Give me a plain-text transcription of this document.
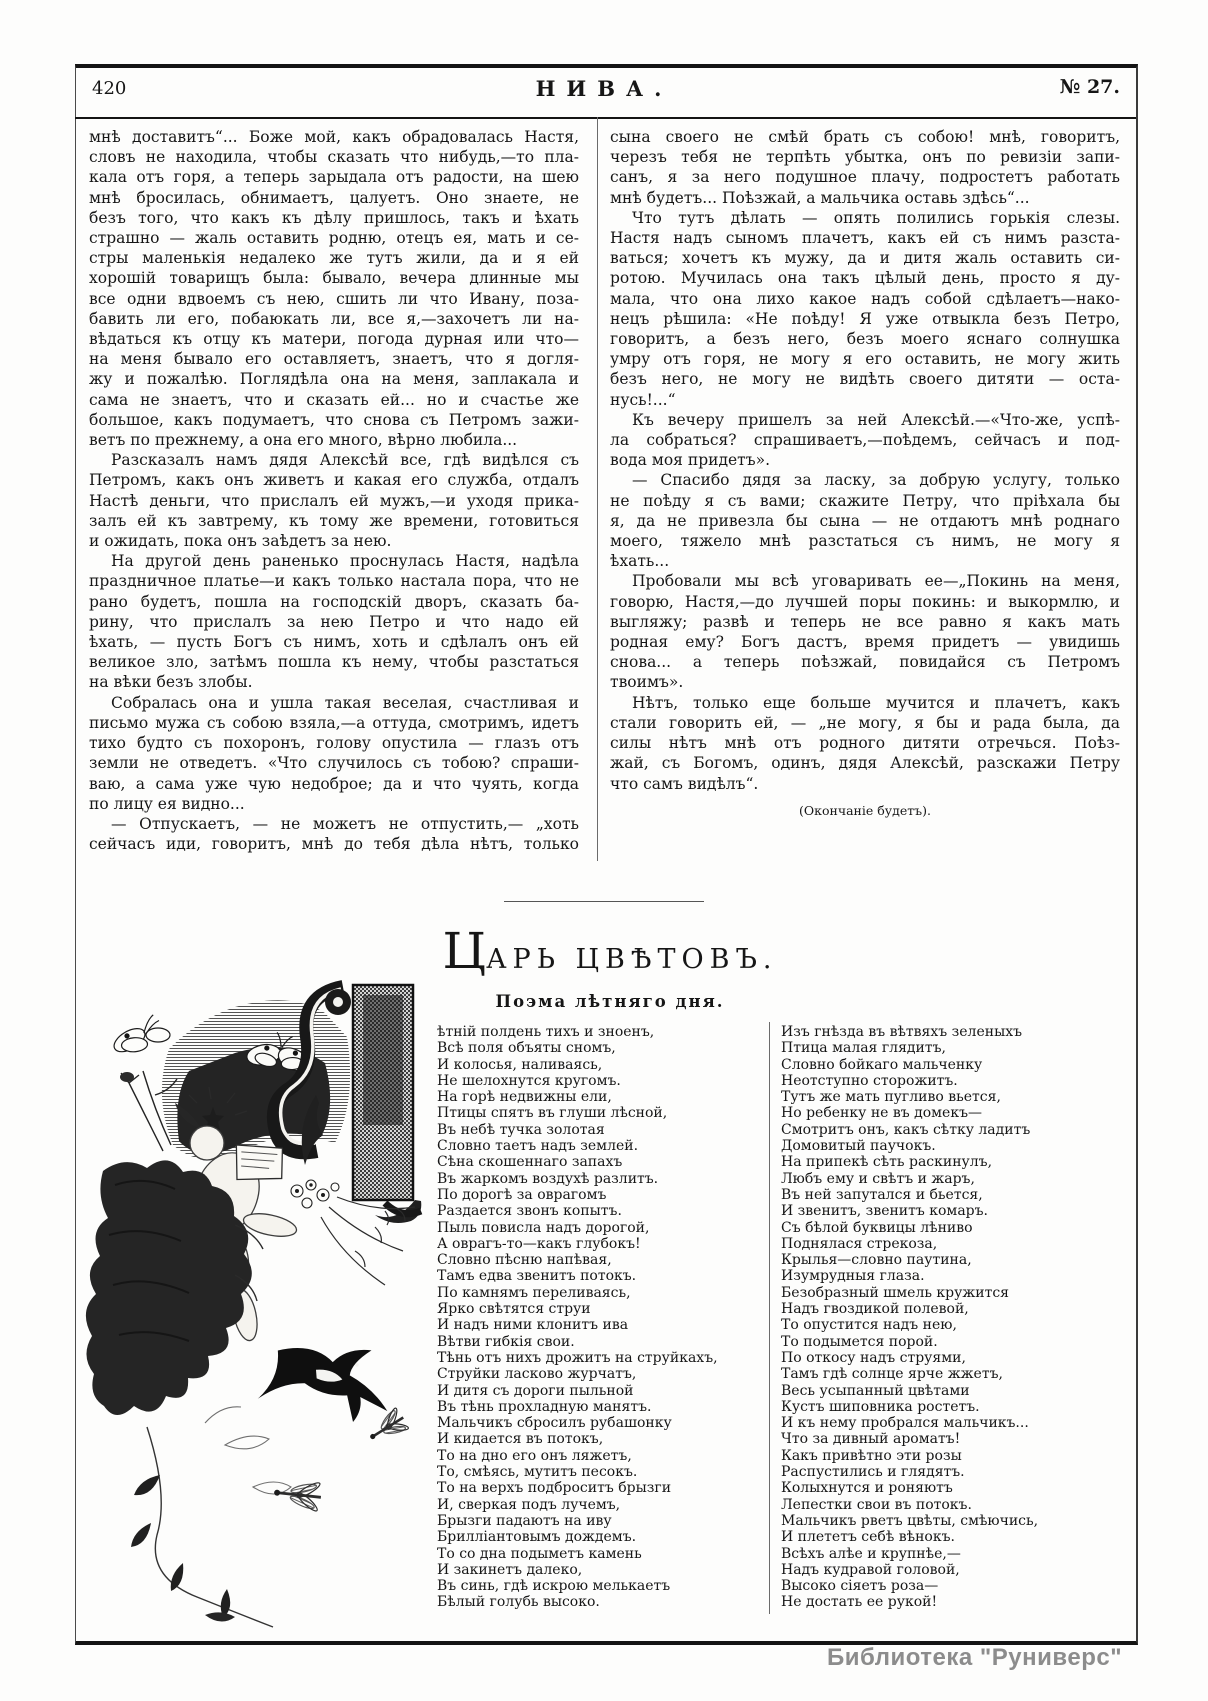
420	НИВА.	№ 27.
мнѣ доставитъ“... Боже мой, какъ обрадовалась Настя,
словъ не находила, чтобы сказать что нибудь,—то пла-
кала отъ горя, а теперь зарыдала отъ радости, на шею
мнѣ бросилась, обнимаетъ, цалуетъ. Оно знаете, не
безъ того, что какъ къ дѣлу пришлось, такъ и ѣхать
страшно — жаль оставить родню, отецъ ея, мать и се-
стры маленькія недалеко же тутъ жили, да и я ей
хорошій товарищъ была: бывало, вечера длинные мы
все одни вдвоемъ съ нею, сшить ли что Ивану, поза-
бавить ли его, побаюкать ли, все я,—захочетъ ли на-
вѣдаться къ отцу къ матери, погода дурная или что—
на меня бывало его оставляетъ, знаетъ, что я догля-
жу и пожалѣю. Поглядѣла она на меня, заплакала и
сама не знаетъ, что и сказать ей... но и счастье же
большое, какъ подумаетъ, что снова съ Петромъ зажи-
ветъ по прежнему, а она его много, вѣрно любила...
Разсказалъ намъ дядя Алексѣй все, гдѣ видѣлся съ
Петромъ, какъ онъ живетъ и какая его служба, отдалъ
Настѣ деньги, что прислалъ ей мужъ,—и уходя прика-
залъ ей къ завтрему, къ тому же времени, готовиться
и ожидать, пока онъ заѣдетъ за нею.
На другой день раненько проснулась Настя, надѣла
праздничное платье—и какъ только настала пора, что не
рано будетъ, пошла на господскій дворъ, сказать ба-
рину, что прислалъ за нею Петро и что надо ей
ѣхать, — пусть Богъ съ нимъ, хоть и сдѣлалъ онъ ей
великое зло, затѣмъ пошла къ нему, чтобы разстаться
на вѣки безъ злобы.
Собралась она и ушла такая веселая, счастливая и
письмо мужа съ собою взяла,—а оттуда, смотримъ, идетъ
тихо будто съ похоронъ, голову опустила — глазъ отъ
земли не отведетъ. «Что случилось съ тобою? спраши-
ваю, а сама уже чую недоброе; да и что чуять, когда
по лицу ея видно...
— Отпускаетъ, — не можетъ не отпустить,— „хоть
сейчасъ иди, говоритъ, мнѣ до тебя дѣла нѣтъ, только
сына своего не смѣй брать съ собою! мнѣ, говоритъ,
черезъ тебя не терпѣть убытка, онъ по ревизіи запи-
санъ, я за него подушное плачу, подростетъ работать
мнѣ будетъ... Поѣзжай, а мальчика оставь здѣсь“...
Что тутъ дѣлать — опять полились горькія слезы.
Настя надъ сыномъ плачетъ, какъ ей съ нимъ разста-
ваться; хочетъ къ мужу, да и дитя жаль оставить си-
ротою. Мучилась она такъ цѣлый день, просто я ду-
мала, что она лихо какое надъ собой сдѣлаетъ—нако-
нецъ рѣшила: «Не поѣду! Я уже отвыкла безъ Петро,
говоритъ, а безъ него, безъ моего яснаго солнушка
умру отъ горя, не могу я его оставить, не могу жить
безъ него, не могу не видѣть своего дитяти — оста-
нусь!...“
Къ вечеру пришелъ за ней Алексѣй.—«Что-же, успѣ-
ла собраться? спрашиваетъ,—поѣдемъ, сейчасъ и под-
вода моя придетъ».
— Спасибо дядя за ласку, за добрую услугу, только
не поѣду я съ вами; скажите Петру, что пріѣхала бы
я, да не привезла бы сына — не отдаютъ мнѣ роднаго
моего, тяжело мнѣ разстаться съ нимъ, не могу я
ѣхать...
Пробовали мы всѣ уговаривать ее—„Покинь на меня,
говорю, Настя,—до лучшей поры покинь: и выкормлю, и
выгляжу; развѣ и теперь не все равно я какъ мать
родная ему? Богъ дастъ, время придетъ — увидишь
снова... а теперь поѣзжай, повидайся съ Петромъ
твоимъ».
Нѣтъ, только еще больше мучится и плачетъ, какъ
стали говорить ей, — „не могу, я бы и рада была, да
силы нѣтъ мнѣ отъ родного дитяти отречься. Поѣз-
жай, съ Богомъ, одинъ, дядя Алексѣй, разскажи Петру
что самъ видѣлъ“.
(Окончаніе будетъ).
ЦАРЬ ЦВѢТОВЪ.
Поэма лѣтняго дня.
ѣтній полдень тихъ и зноенъ,
Всѣ поля объяты сномъ,
И колосья, наливаясь,
Не шелохнутся кругомъ.
На горѣ недвижны ели,
Птицы спятъ въ глуши лѣсной,
Въ небѣ тучка золотая
Словно таетъ надъ землей.
Сѣна скошеннаго запахъ
Въ жаркомъ воздухѣ разлитъ.
По дорогѣ за оврагомъ
Раздается звонъ копытъ.
Пыль повисла надъ дорогой,
А оврагъ-то—какъ глубокъ!
Словно пѣсню напѣвая,
Тамъ едва звенитъ потокъ.
По камнямъ переливаясь,
Ярко свѣтятся струи
И надъ ними клонитъ ива
Вѣтви гибкія свои.
Тѣнь отъ нихъ дрожитъ на струйкахъ,
Струйки ласково журчатъ,
И дитя съ дороги пыльной
Въ тѣнь прохладную манятъ.
Мальчикъ сбросилъ рубашонку
И кидается въ потокъ,
То на дно его онъ ляжетъ,
То, смѣясь, мутитъ песокъ.
То на верхъ подброситъ брызги
И, сверкая подъ лучемъ,
Брызги падаютъ на иву
Брилліантовымъ дождемъ.
То со дна подыметъ камень
И закинетъ далеко,
Въ синь, гдѣ искрою мелькаетъ
Бѣлый голубь высоко.
Изъ гнѣзда въ вѣтвяхъ зеленыхъ
Птица малая глядитъ,
Словно бойкаго мальченку
Неотступно сторожитъ.
Тутъ же мать пугливо вьется,
Но ребенку не въ домекъ—
Смотритъ онъ, какъ сѣтку ладитъ
Домовитый паучокъ.
На припекѣ сѣть раскинулъ,
Любъ ему и свѣтъ и жаръ,
Въ ней запутался и бьется,
И звенитъ, звенитъ комаръ.
Съ бѣлой буквицы лѣниво
Поднялася стрекоза,
Крылья—словно паутина,
Изумрудныя глаза.
Безобразный шмель кружится
Надъ гвоздикой полевой,
То опустится надъ нею,
То подымется порой.
По откосу надъ струями,
Тамъ гдѣ солнце ярче жжетъ,
Весь усыпанный цвѣтами
Кустъ шиповника ростетъ.
И къ нему пробрался мальчикъ...
Что за дивный ароматъ!
Какъ привѣтно эти розы
Распустились и глядятъ.
Колыхнутся и роняютъ
Лепестки свои въ потокъ.
Мальчикъ рветъ цвѣты, смѣючись,
И плететъ себѣ вѣнокъ.
Всѣхъ алѣе и крупнѣе,—
Надъ кудравой головой,
Высоко сіяетъ роза—
Не достать ее рукой!
Библиотека "Руниверс"
